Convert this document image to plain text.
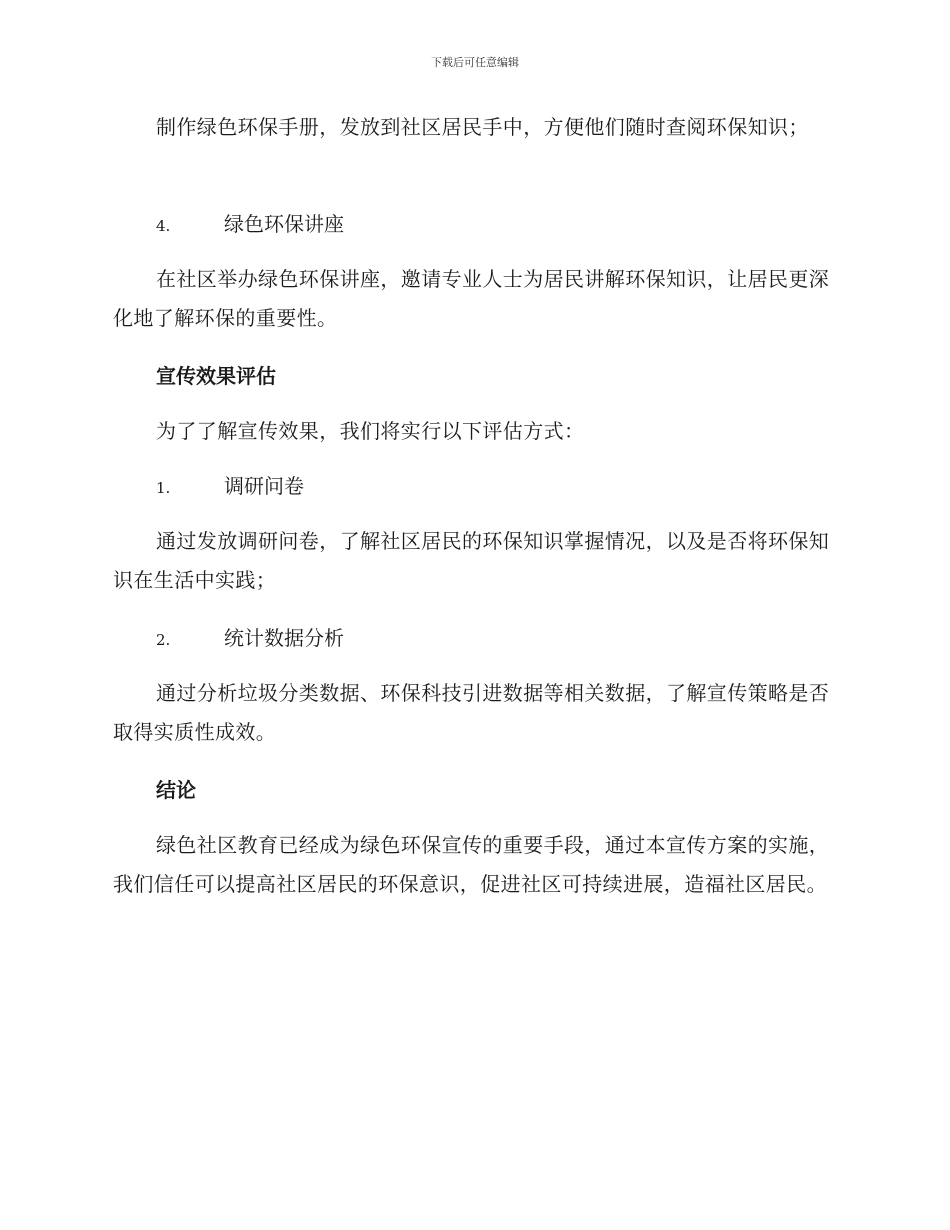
下载后可任意编辑
制作绿色环保手册，发放到社区居民手中，方便他们随时查阅环保知识；
4.	绿色环保讲座
在社区举办绿色环保讲座，邀请专业人士为居民讲解环保知识，让居民更深化地了解环保的重要性。
宣传效果评估
为了了解宣传效果，我们将实行以下评估方式：
1.	调研问卷
通过发放调研问卷，了解社区居民的环保知识掌握情况，以及是否将环保知识在生活中实践；
2.	统计数据分析
通过分析垃圾分类数据、环保科技引进数据等相关数据，了解宣传策略是否取得实质性成效。
结论
绿色社区教育已经成为绿色环保宣传的重要手段，通过本宣传方案的实施，我们信任可以提高社区居民的环保意识，促进社区可持续进展，造福社区居民。
